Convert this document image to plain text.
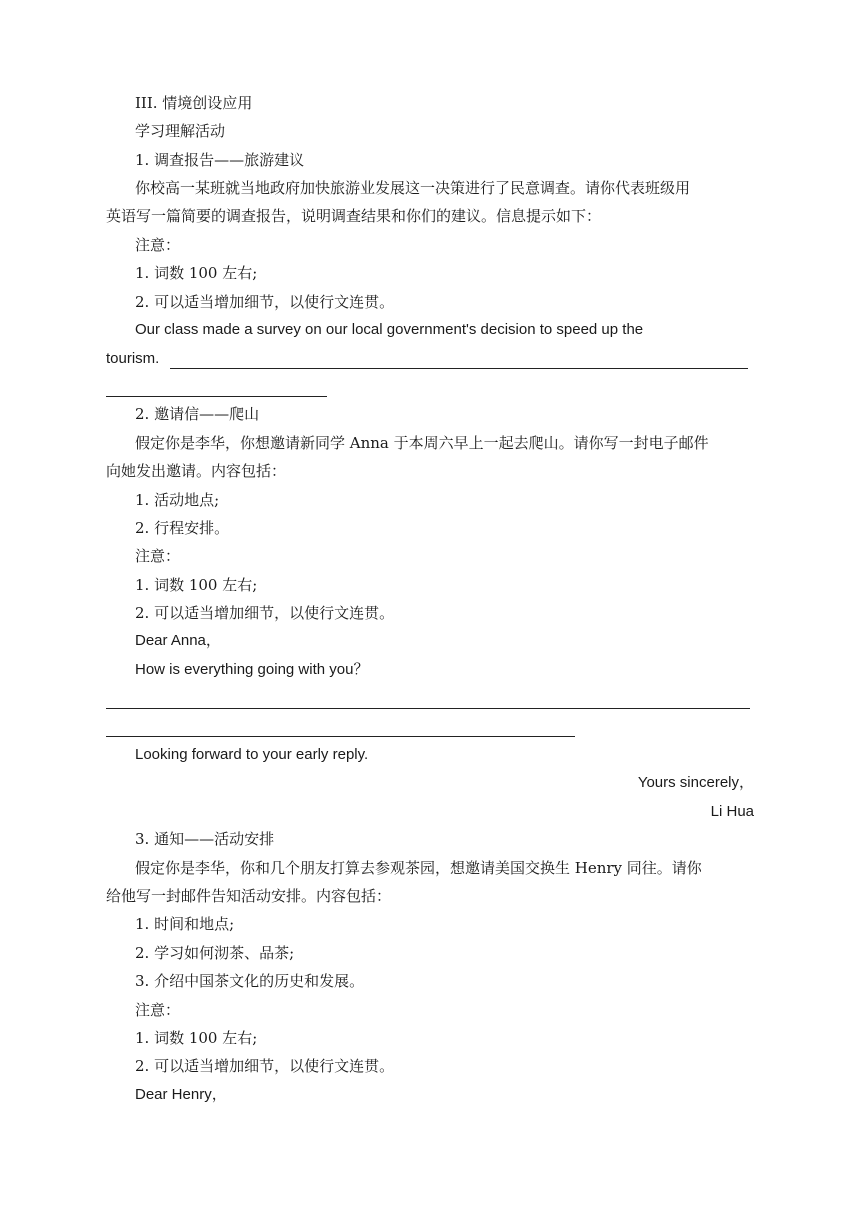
III. 情境创设应用
学习理解活动
1. 调查报告——旅游建议
你校高一某班就当地政府加快旅游业发展这一决策进行了民意调查。请你代表班级用
英语写一篇简要的调查报告，说明调查结果和你们的建议。信息提示如下：
注意：
1. 词数 100 左右;
2. 可以适当增加细节，以使行文连贯。
Our class made a survey on our local government's decision to speed up the
tourism.
2. 邀请信——爬山
假定你是李华，你想邀请新同学 Anna 于本周六早上一起去爬山。请你写一封电子邮件
向她发出邀请。内容包括：
1. 活动地点;
2. 行程安排。
注意：
1. 词数 100 左右;
2. 可以适当增加细节，以使行文连贯。
Dear Anna，
How is everything going with you？
Looking forward to your early reply.
Yours sincerely，
Li Hua
3. 通知——活动安排
假定你是李华，你和几个朋友打算去参观茶园，想邀请美国交换生 Henry 同往。请你
给他写一封邮件告知活动安排。内容包括：
1. 时间和地点;
2. 学习如何沏茶、品茶;
3. 介绍中国茶文化的历史和发展。
注意：
1. 词数 100 左右;
2. 可以适当增加细节，以使行文连贯。
Dear Henry，
